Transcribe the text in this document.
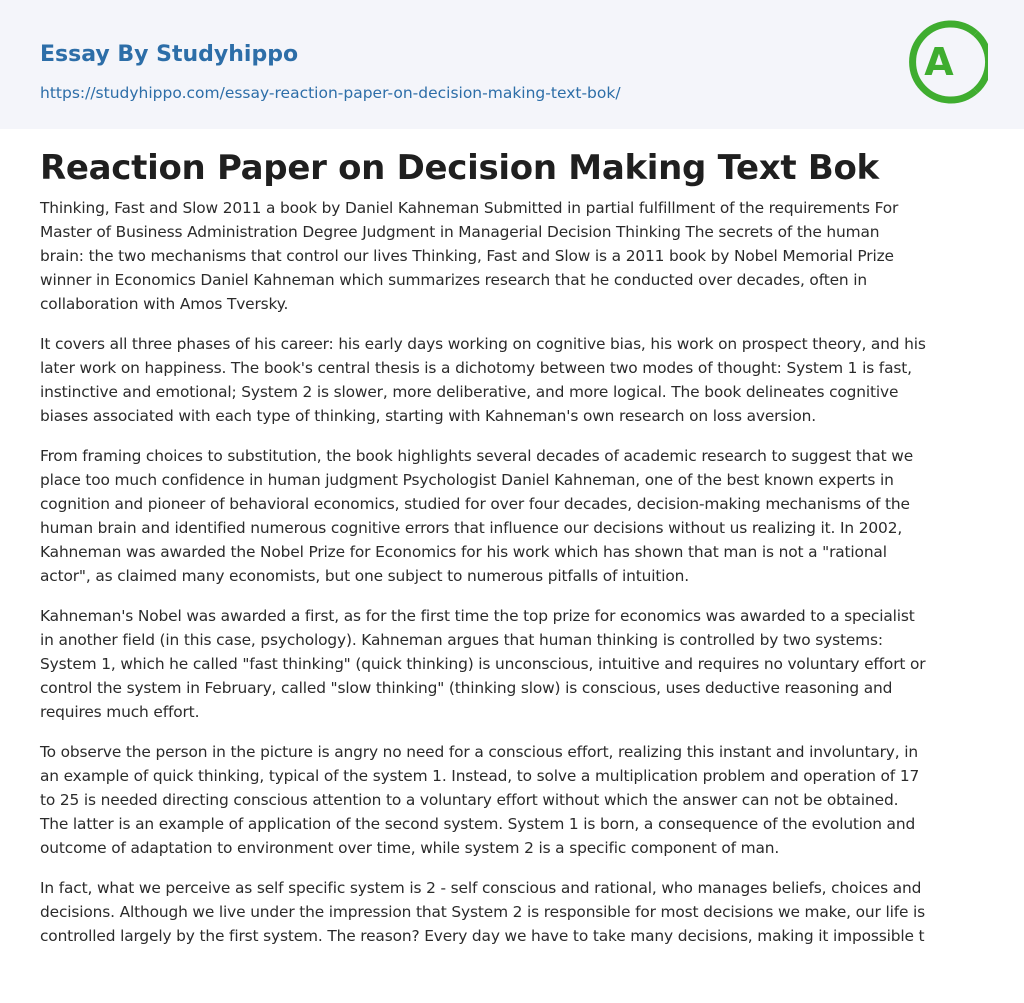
Essay By Studyhippo
https://studyhippo.com/essay-reaction-paper-on-decision-making-text-bok/
A
Reaction Paper on Decision Making Text Bok

Thinking, Fast and Slow 2011 a book by Daniel Kahneman Submitted in partial fulfillment of the requirements For
Master of Business Administration Degree Judgment in Managerial Decision Thinking The secrets of the human
brain: the two mechanisms that control our lives Thinking, Fast and Slow is a 2011 book by Nobel Memorial Prize
winner in Economics Daniel Kahneman which summarizes research that he conducted over decades, often in
collaboration with Amos Tversky.

It covers all three phases of his career: his early days working on cognitive bias, his work on prospect theory, and his
later work on happiness. The book's central thesis is a dichotomy between two modes of thought: System 1 is fast,
instinctive and emotional; System 2 is slower, more deliberative, and more logical. The book delineates cognitive
biases associated with each type of thinking, starting with Kahneman's own research on loss aversion.

From framing choices to substitution, the book highlights several decades of academic research to suggest that we
place too much confidence in human judgment Psychologist Daniel Kahneman, one of the best known experts in
cognition and pioneer of behavioral economics, studied for over four decades, decision-making mechanisms of the
human brain and identified numerous cognitive errors that influence our decisions without us realizing it. In 2002,
Kahneman was awarded the Nobel Prize for Economics for his work which has shown that man is not a "rational
actor", as claimed many economists, but one subject to numerous pitfalls of intuition.

Kahneman's Nobel was awarded a first, as for the first time the top prize for economics was awarded to a specialist
in another field (in this case, psychology). Kahneman argues that human thinking is controlled by two systems:
System 1, which he called "fast thinking" (quick thinking) is unconscious, intuitive and requires no voluntary effort or
control the system in February, called "slow thinking" (thinking slow) is conscious, uses deductive reasoning and
requires much effort.

To observe the person in the picture is angry no need for a conscious effort, realizing this instant and involuntary, in
an example of quick thinking, typical of the system 1. Instead, to solve a multiplication problem and operation of 17
to 25 is needed directing conscious attention to a voluntary effort without which the answer can not be obtained.
The latter is an example of application of the second system. System 1 is born, a consequence of the evolution and
outcome of adaptation to environment over time, while system 2 is a specific component of man.

In fact, what we perceive as self specific system is 2 - self conscious and rational, who manages beliefs, choices and
decisions. Although we live under the impression that System 2 is responsible for most decisions we make, our life is
controlled largely by the first system. The reason? Every day we have to take many decisions, making it impossible t
